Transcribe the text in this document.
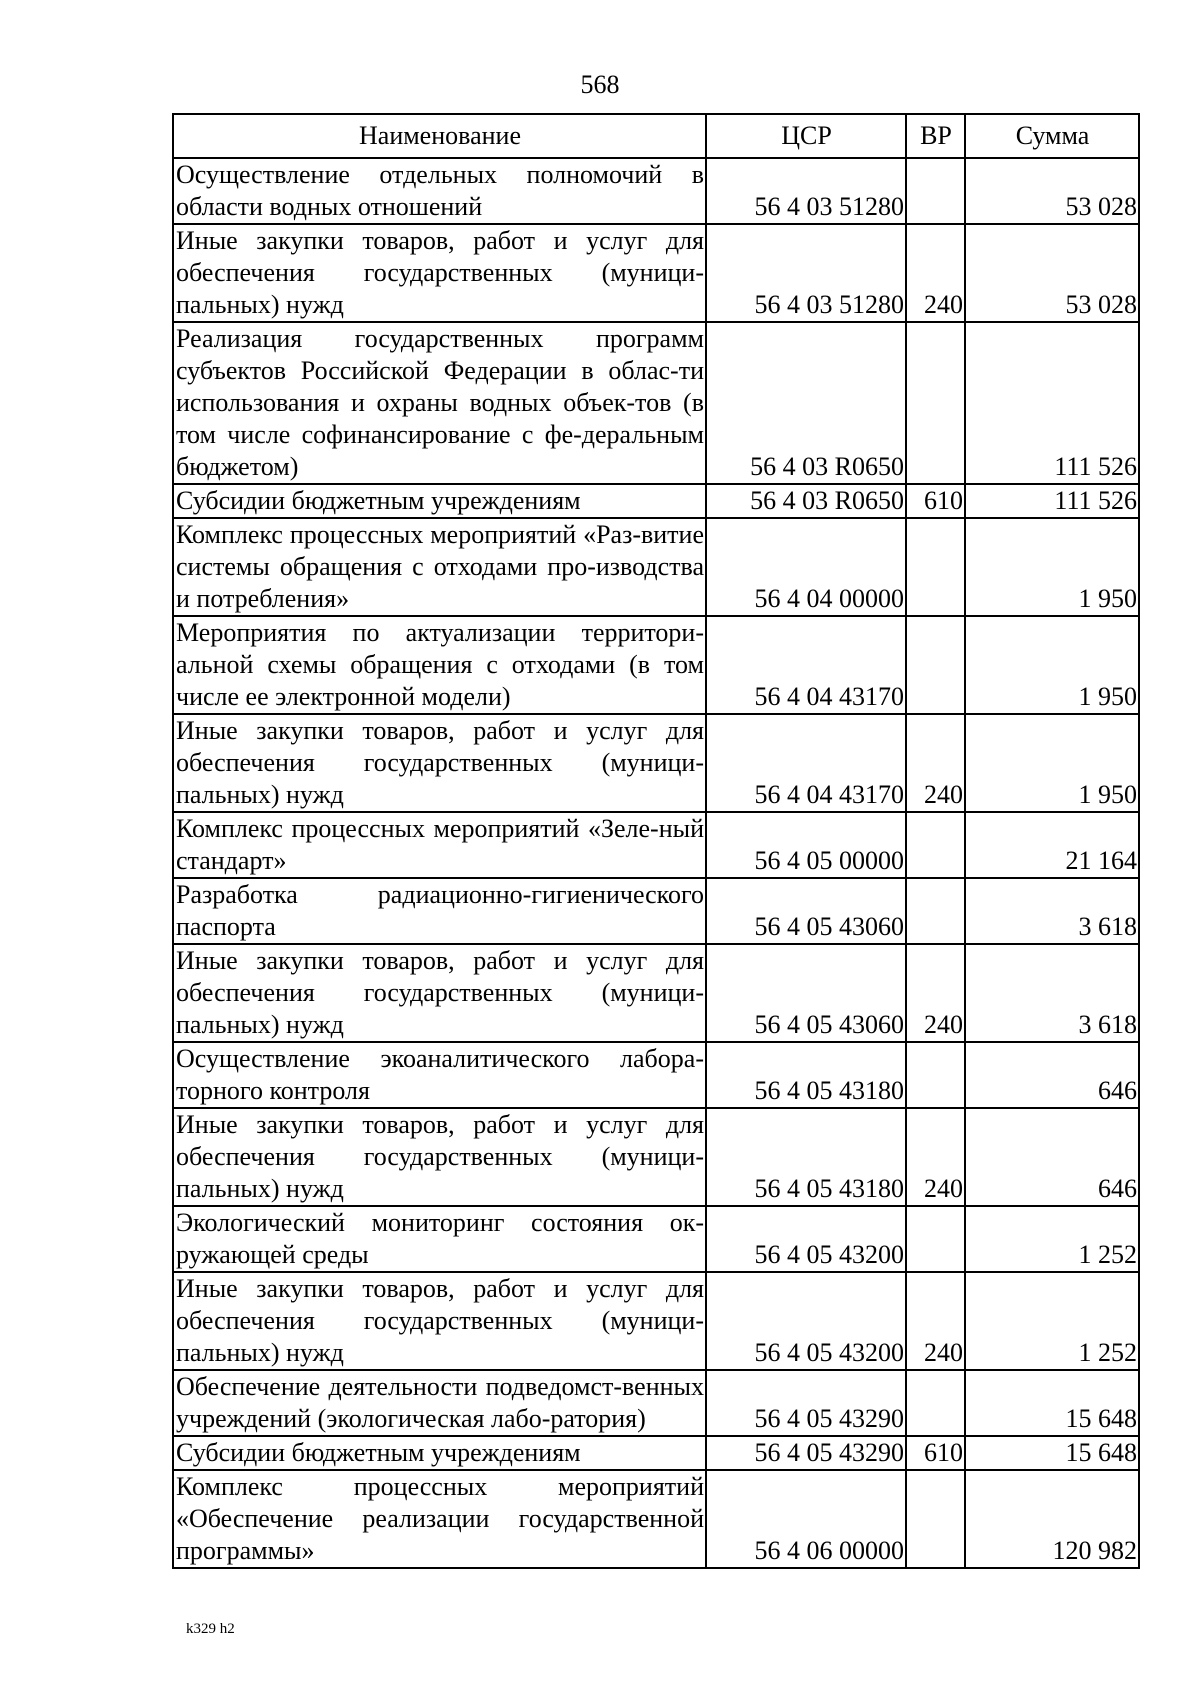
568
Наименование	ЦСР	ВР	Сумма
Осуществление отдельных полномочий в области водных отношений	56 4 03 51280		53 028
Иные закупки товаров, работ и услуг для обеспечения государственных (муници-пальных) нужд	56 4 03 51280	240	53 028
Реализация государственных программ субъектов Российской Федерации в облас-ти использования и охраны водных объек-тов (в том числе софинансирование с фе-деральным бюджетом)	56 4 03 R0650		111 526
Субсидии бюджетным учреждениям	56 4 03 R0650	610	111 526
Комплекс процессных мероприятий «Раз-витие системы обращения с отходами про-изводства и потребления»	56 4 04 00000		1 950
Мероприятия по актуализации территори-альной схемы обращения с отходами (в том числе ее электронной модели)	56 4 04 43170		1 950
Иные закупки товаров, работ и услуг для обеспечения государственных (муници-пальных) нужд	56 4 04 43170	240	1 950
Комплекс процессных мероприятий «Зеле-ный стандарт»	56 4 05 00000		21 164
Разработка радиационно-гигиенического паспорта	56 4 05 43060		3 618
Иные закупки товаров, работ и услуг для обеспечения государственных (муници-пальных) нужд	56 4 05 43060	240	3 618
Осуществление экоаналитического лабора-торного контроля	56 4 05 43180		646
Иные закупки товаров, работ и услуг для обеспечения государственных (муници-пальных) нужд	56 4 05 43180	240	646
Экологический мониторинг состояния ок-ружающей среды	56 4 05 43200		1 252
Иные закупки товаров, работ и услуг для обеспечения государственных (муници-пальных) нужд	56 4 05 43200	240	1 252
Обеспечение деятельности подведомст-венных учреждений (экологическая лабо-ратория)	56 4 05 43290		15 648
Субсидии бюджетным учреждениям	56 4 05 43290	610	15 648
Комплекс процессных мероприятий «Обеспечение реализации государственной программы»	56 4 06 00000		120 982
k329 h2
